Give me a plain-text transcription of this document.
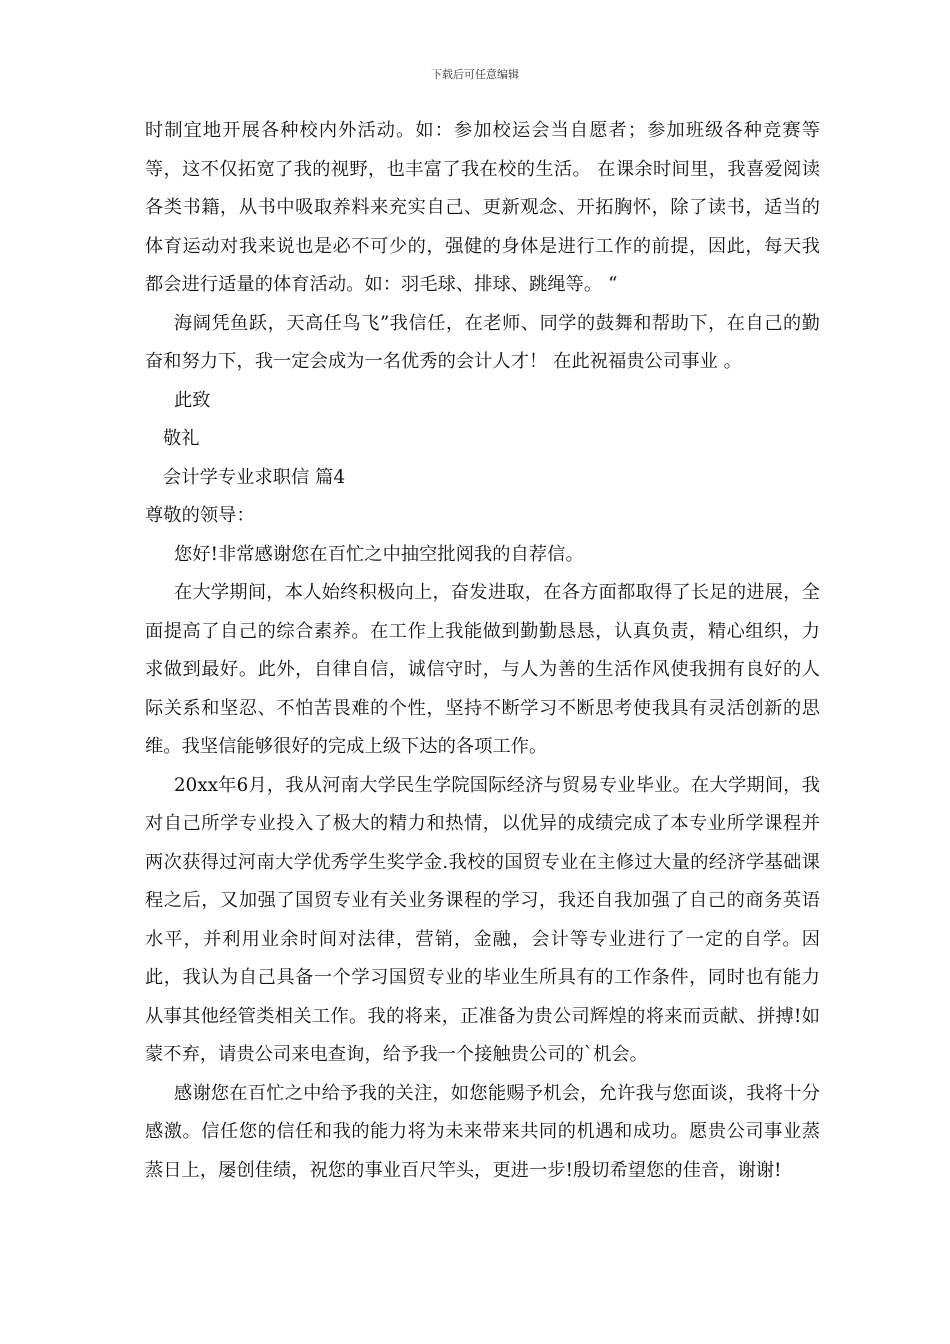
下载后可任意编辑

时制宜地开展各种校内外活动。如：参加校运会当自愿者；参加班级各种竞赛等等，这不仅拓宽了我的视野，也丰富了我在校的生活。 在课余时间里，我喜爱阅读各类书籍，从书中吸取养料来充实自己、更新观念、开拓胸怀，除了读书，适当的体育运动对我来说也是必不可少的，强健的身体是进行工作的前提，因此，每天我都会进行适量的体育活动。如：羽毛球、排球、跳绳等。 “

海阔凭鱼跃，天高任鸟飞”我信任，在老师、同学的鼓舞和帮助下，在自己的勤奋和努力下，我一定会成为一名优秀的会计人才！ 在此祝福贵公司事业 。

此致

敬礼

会计学专业求职信 篇4

尊敬的领导：

您好!非常感谢您在百忙之中抽空批阅我的自荐信。

在大学期间，本人始终积极向上，奋发进取，在各方面都取得了长足的进展，全面提高了自己的综合素养。在工作上我能做到勤勤恳恳，认真负责，精心组织，力求做到最好。此外，自律自信，诚信守时，与人为善的生活作风使我拥有良好的人际关系和坚忍、不怕苦畏难的个性，坚持不断学习不断思考使我具有灵活创新的思维。我坚信能够很好的完成上级下达的各项工作。

20xx年6月，我从河南大学民生学院国际经济与贸易专业毕业。在大学期间，我对自己所学专业投入了极大的精力和热情，以优异的成绩完成了本专业所学课程并两次获得过河南大学优秀学生奖学金.我校的国贸专业在主修过大量的经济学基础课程之后，又加强了国贸专业有关业务课程的学习，我还自我加强了自己的商务英语水平，并利用业余时间对法律，营销，金融，会计等专业进行了一定的自学。因此，我认为自己具备一个学习国贸专业的毕业生所具有的工作条件，同时也有能力从事其他经管类相关工作。我的将来，正准备为贵公司辉煌的将来而贡献、拼搏!如蒙不弃，请贵公司来电查询，给予我一个接触贵公司的`机会。

感谢您在百忙之中给予我的关注，如您能赐予机会，允许我与您面谈，我将十分感激。信任您的信任和我的能力将为未来带来共同的机遇和成功。愿贵公司事业蒸蒸日上，屡创佳绩，祝您的事业百尺竿头，更进一步!殷切希望您的佳音，谢谢!
